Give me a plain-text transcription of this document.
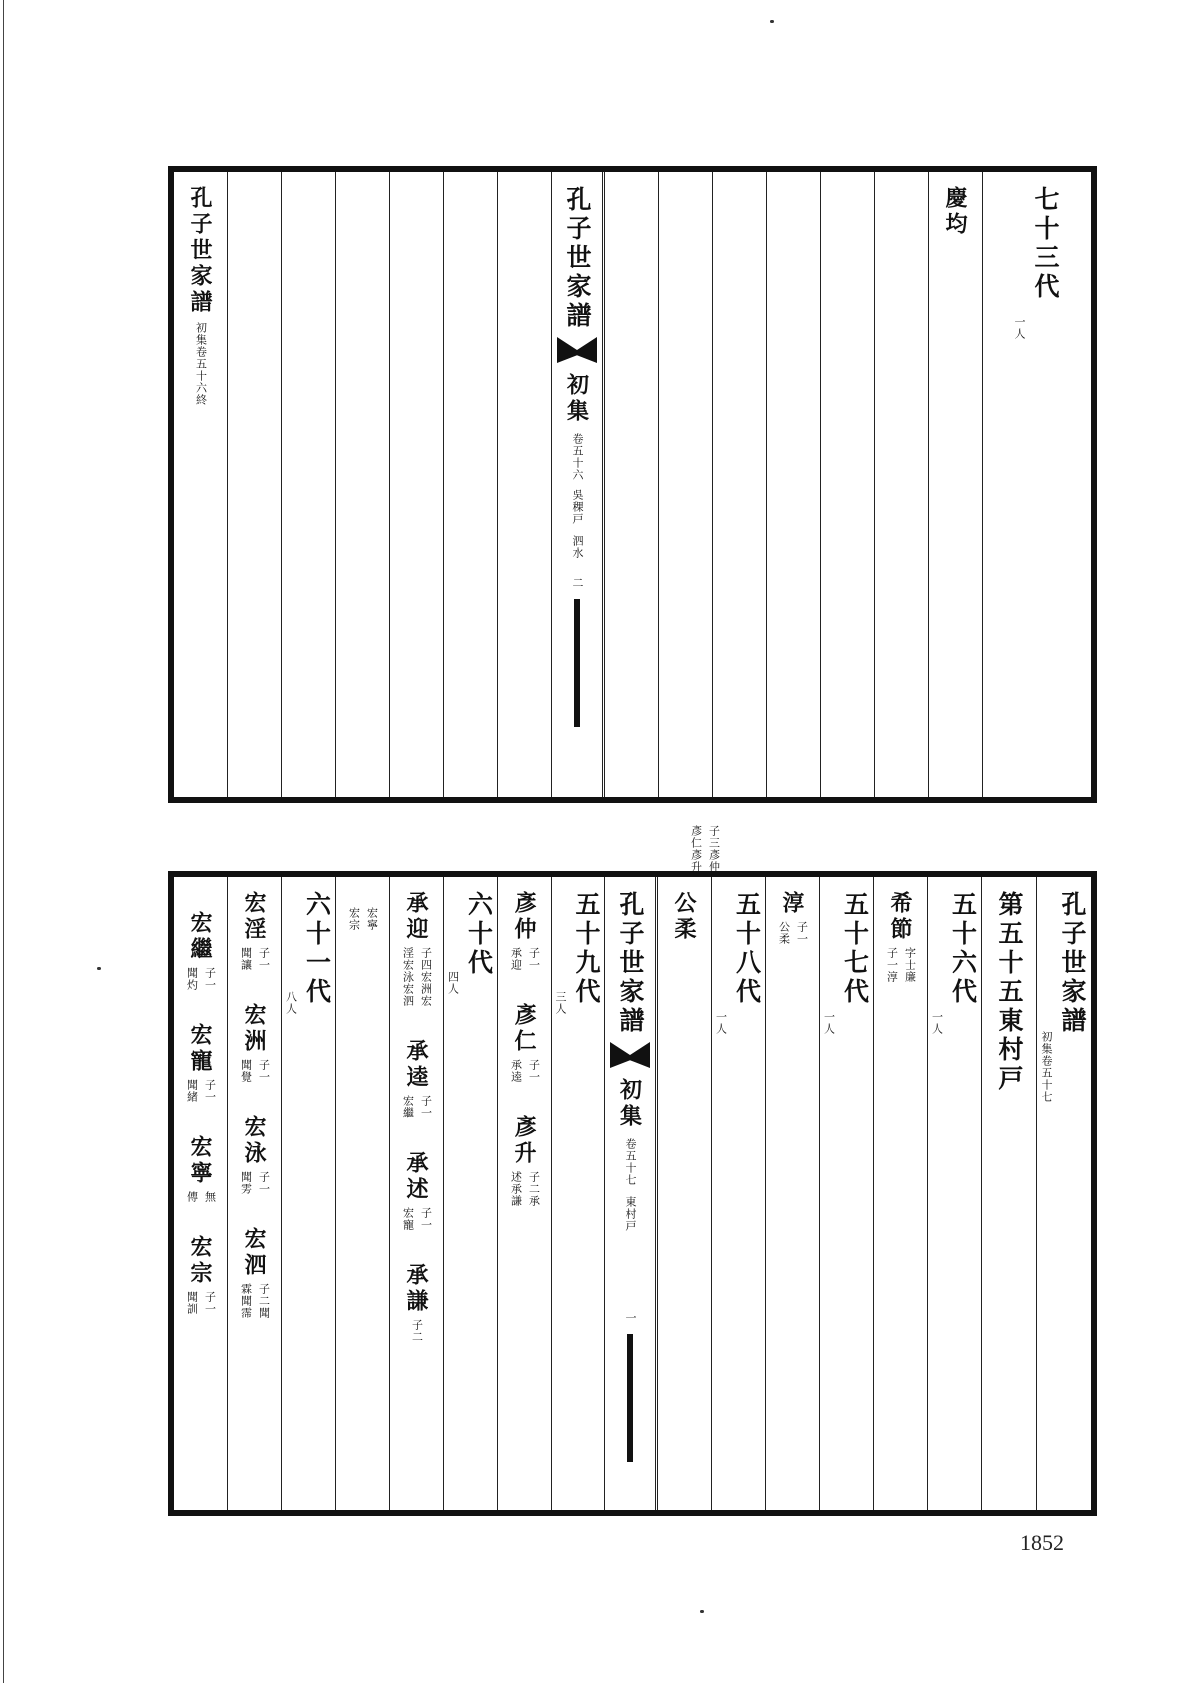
孔子世家譜
初集卷五十六終
孔子世家譜
初集
卷五十六
吳稞戸
泗水
二
慶均	七十三代
一人
宏繼
子一
聞灼
宏寵
子一
聞緒
宏寧
無
傳
宏宗
子一
聞訓
宏淫
子一
聞讓
宏洲
子一
聞覺
宏泳
子一
聞雱
宏泗
子二聞
霖聞霈
六十一代
八人
宏寧
宏宗 承迎
子四宏洲宏
淫宏泳宏泗
承逵
子一
宏繼
承述
子一
宏寵
承謙
子二
六十代
四人
彥仲
子一
承迎
彥仁
子一
承逵
彥升
子二承
述承謙
五十九代
三人 孔子世家譜
初集
卷五十七
東村戸
一
公柔
子三彥仲
彥仁彥升
五十八代
一人
淳
子一
公柔 五十七代
一人
希節
字士廉
子一淳 五十六代
一人 第五十五東村戸 孔子世家譜
初集卷五十七
1852
